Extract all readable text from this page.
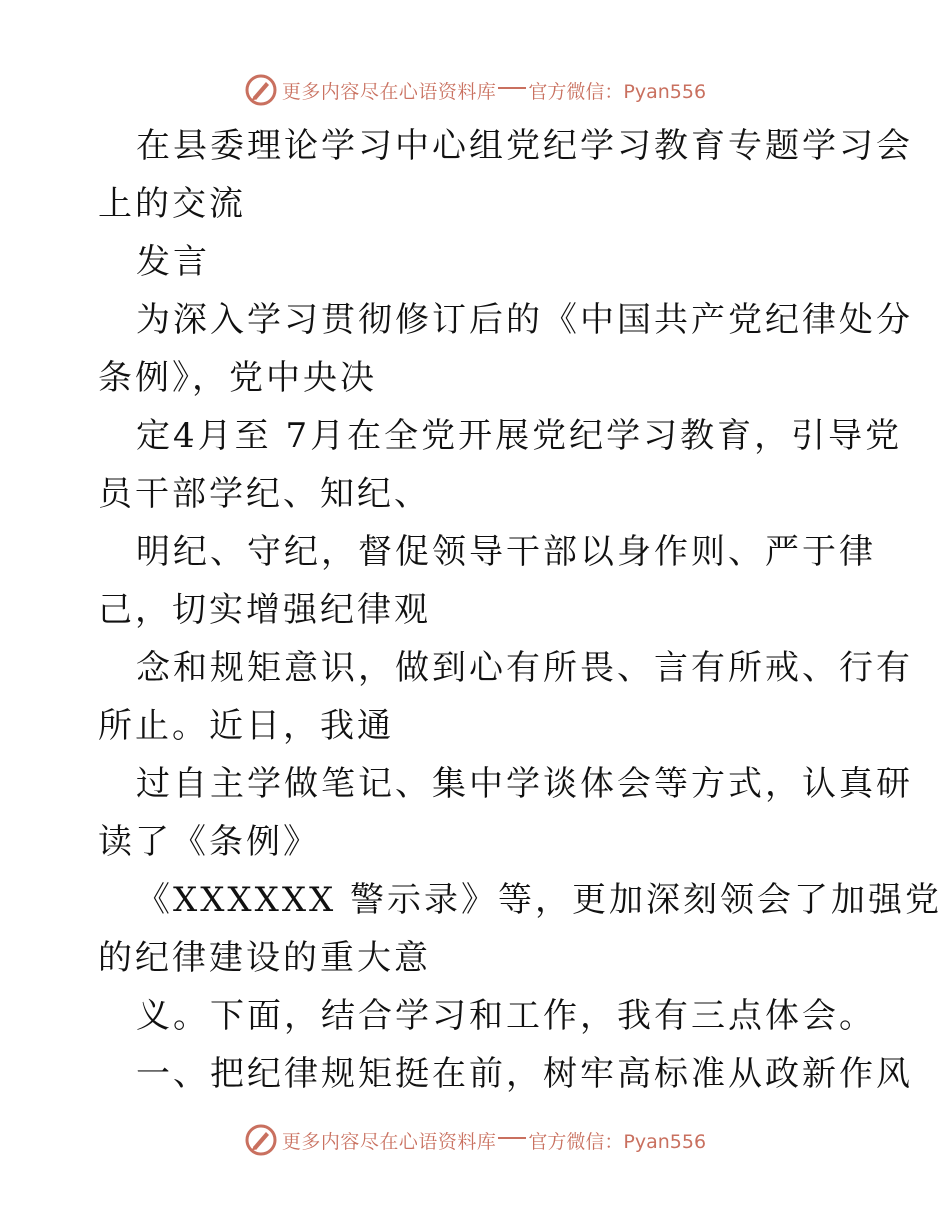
更多内容尽在心语资料库 官方微信：Pyan556
在县委理论学习中心组党纪学习教育专题学习会
上的交流
发言
为深入学习贯彻修订后的《中国共产党纪律处分
条例》，党中央决
定4月至 7月在全党开展党纪学习教育，引导党
员干部学纪、知纪、
明纪、守纪，督促领导干部以身作则、严于律
己，切实增强纪律观
念和规矩意识，做到心有所畏、言有所戒、行有
所止。近日，我通
过自主学做笔记、集中学谈体会等方式，认真研
读了《条例》
《XXXXXX 警示录》等，更加深刻领会了加强党
的纪律建设的重大意
义。下面，结合学习和工作，我有三点体会。
一、把纪律规矩挺在前，树牢高标准从政新作风
更多内容尽在心语资料库 官方微信：Pyan556
